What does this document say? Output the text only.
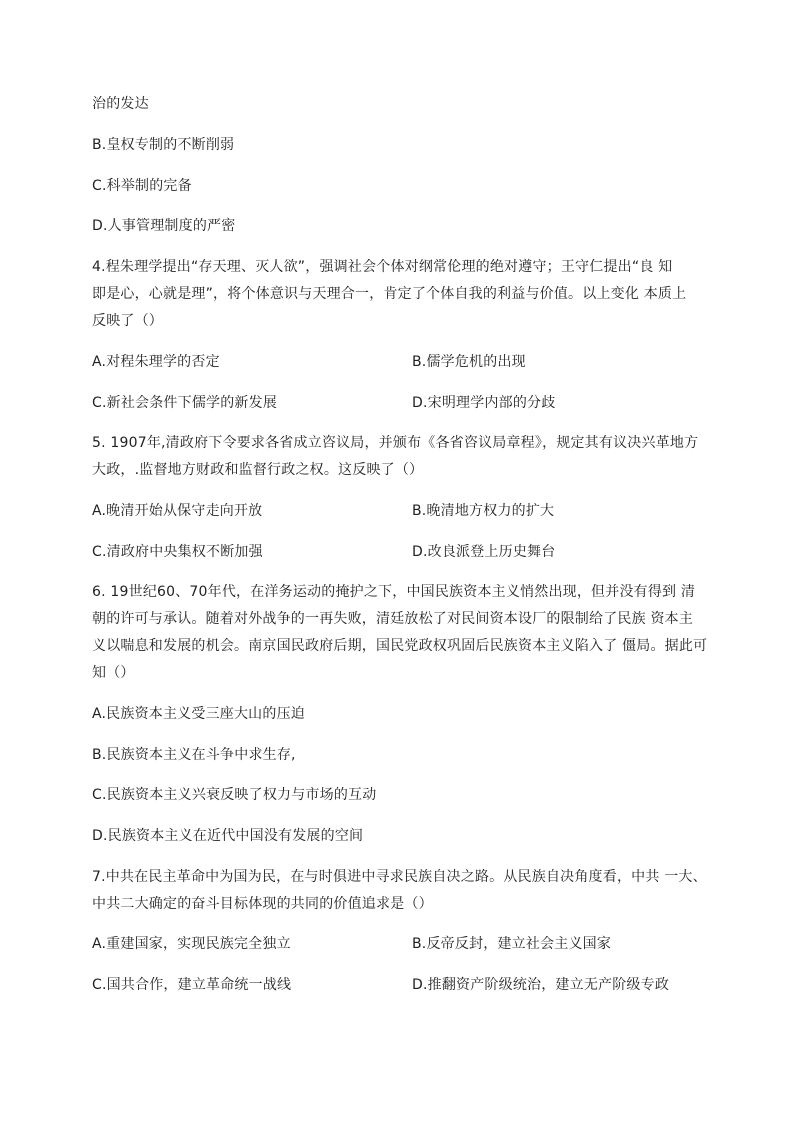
治的发达
B.皇权专制的不断削弱
C.科举制的完备
D.人事管理制度的严密
4.程朱理学提出“存天理、灭人欲”，强调社会个体对纲常伦理的绝对遵守；王守仁提出“良 知
即是心，心就是理”，将个体意识与天理合一，肯定了个体自我的利益与价值。以上变化 本质上
反映了（）
A.对程朱理学的否定	B.儒学危机的出现
C.新社会条件下儒学的新发展	D.宋明理学内部的分歧
5. 1907年,清政府下令要求各省成立咨议局，并颁布《各省咨议局章程》，规定其有议决兴革地方
大政，.监督地方财政和监督行政之权。这反映了（）
A.晚清开始从保守走向开放	B.晚清地方权力的扩大
C.清政府中央集权不断加强	D.改良派登上历史舞台
6. 19世纪60、70年代，在洋务运动的掩护之下，中国民族资本主义悄然出现，但并没有得到 清
朝的许可与承认。随着对外战争的一再失败，清廷放松了对民间资本设厂的限制给了民族 资本主
义以喘息和发展的机会。南京国民政府后期，国民党政权巩固后民族资本主义陷入了 僵局。据此可
知（）
A.民族资本主义受三座大山的压迫
B.民族资本主义在斗争中求生存,
C.民族资本主义兴衰反映了权力与市场的互动
D.民族资本主义在近代中国没有发展的空间
7.中共在民主革命中为国为民，在与时俱进中寻求民族自决之路。从民族自决角度看，中共 一大、
中共二大确定的奋斗目标体现的共同的价值追求是（）
A.重建国家，实现民族完全独立	B.反帝反封，建立社会主义国家
C.国共合作，建立革命统一战线	D.推翻资产阶级统治，建立无产阶级专政
